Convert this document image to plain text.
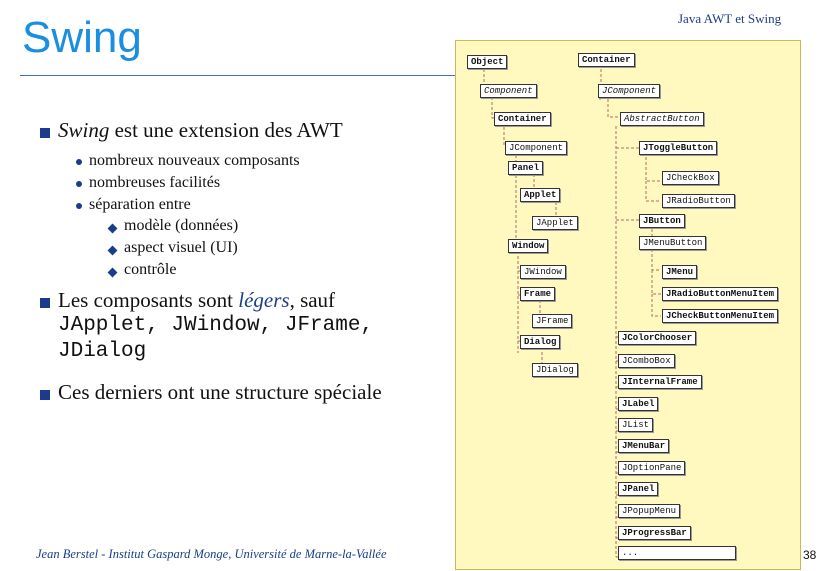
Swing	Java AWT et Swing
Swing est une extension des AWT
nombreux nouveaux composants
nombreuses facilités
séparation entre
modèle (données)
aspect visuel (UI)
contrôle
Les composants sont légers, sauf
JApplet, JWindow, JFrame,
JDialog
Ces derniers ont une structure spéciale
Object	Container
Component	JComponent
Container	AbstractButton
JComponent	JToggleButton
Panel
JCheckBox
Applet
JRadioButton
JApplet	JButton
Window	JMenuButton
JWindow	JMenu
Frame	JRadioButtonMenuItem
JFrame	JCheckButtonMenuItem
Dialog	JColorChooser
JDialog
JComboBox
JInternalFrame
JLabel
JList
JMenuBar
JOptionPane
JPanel
JPopupMenu
JProgressBar
...
Jean Berstel - Institut Gaspard Monge, Université de Marne-la-Vallée	38
